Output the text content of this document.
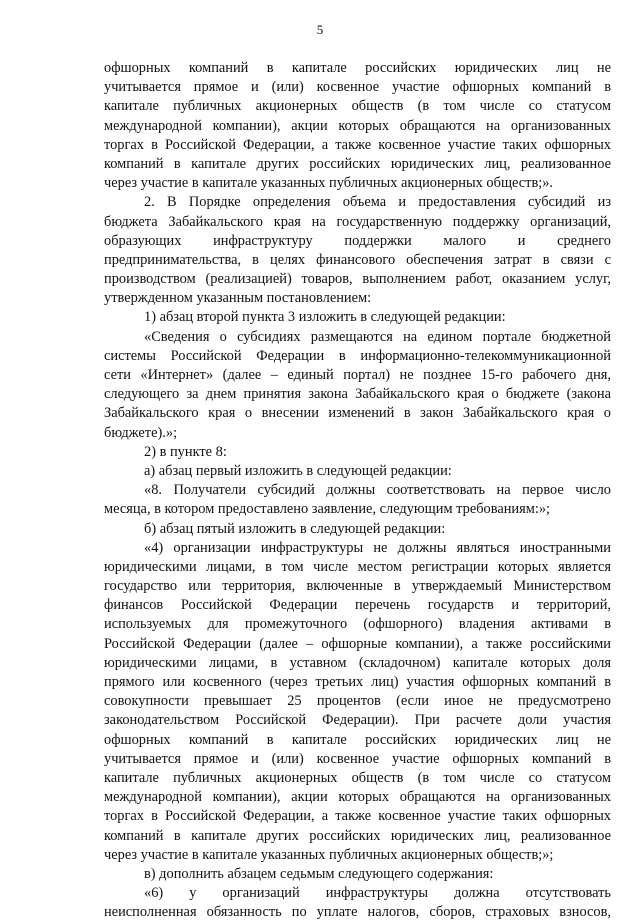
5
офшорных компаний в капитале российских юридических лиц не
учитывается прямое и (или) косвенное участие офшорных компаний в
капитале публичных акционерных обществ (в том числе со статусом
международной компании), акции которых обращаются на организованных
торгах в Российской Федерации, а также косвенное участие таких офшорных
компаний в капитале других российских юридических лиц, реализованное
через участие в капитале указанных публичных акционерных обществ;».
2. В Порядке определения объема и предоставления субсидий из
бюджета Забайкальского края на государственную поддержку организаций,
образующих инфраструктуру поддержки малого и среднего
предпринимательства, в целях финансового обеспечения затрат в связи с
производством (реализацией) товаров, выполнением работ, оказанием услуг,
утвержденном указанным постановлением:
1) абзац второй пункта 3 изложить в следующей редакции:
«Сведения о субсидиях размещаются на едином портале бюджетной
системы Российской Федерации в информационно-телекоммуникационной
сети «Интернет» (далее – единый портал) не позднее 15-го рабочего дня,
следующего за днем принятия закона Забайкальского края о бюджете (закона
Забайкальского края о внесении изменений в закон Забайкальского края о
бюджете).»;
2) в пункте 8:
а) абзац первый изложить в следующей редакции:
«8. Получатели субсидий должны соответствовать на первое число
месяца, в котором предоставлено заявление, следующим требованиям:»;
б) абзац пятый изложить в следующей редакции:
«4) организации инфраструктуры не должны являться иностранными
юридическими лицами, в том числе местом регистрации которых является
государство или территория, включенные в утверждаемый Министерством
финансов Российской Федерации перечень государств и территорий,
используемых для промежуточного (офшорного) владения активами в
Российской Федерации (далее – офшорные компании), а также российскими
юридическими лицами, в уставном (складочном) капитале которых доля
прямого или косвенного (через третьих лиц) участия офшорных компаний в
совокупности превышает 25 процентов (если иное не предусмотрено
законодательством Российской Федерации). При расчете доли участия
офшорных компаний в капитале российских юридических лиц не
учитывается прямое и (или) косвенное участие офшорных компаний в
капитале публичных акционерных обществ (в том числе со статусом
международной компании), акции которых обращаются на организованных
торгах в Российской Федерации, а также косвенное участие таких офшорных
компаний в капитале других российских юридических лиц, реализованное
через участие в капитале указанных публичных акционерных обществ;»;
в) дополнить абзацем седьмым следующего содержания:
«6) у организаций инфраструктуры должна отсутствовать
неисполненная обязанность по уплате налогов, сборов, страховых взносов,
